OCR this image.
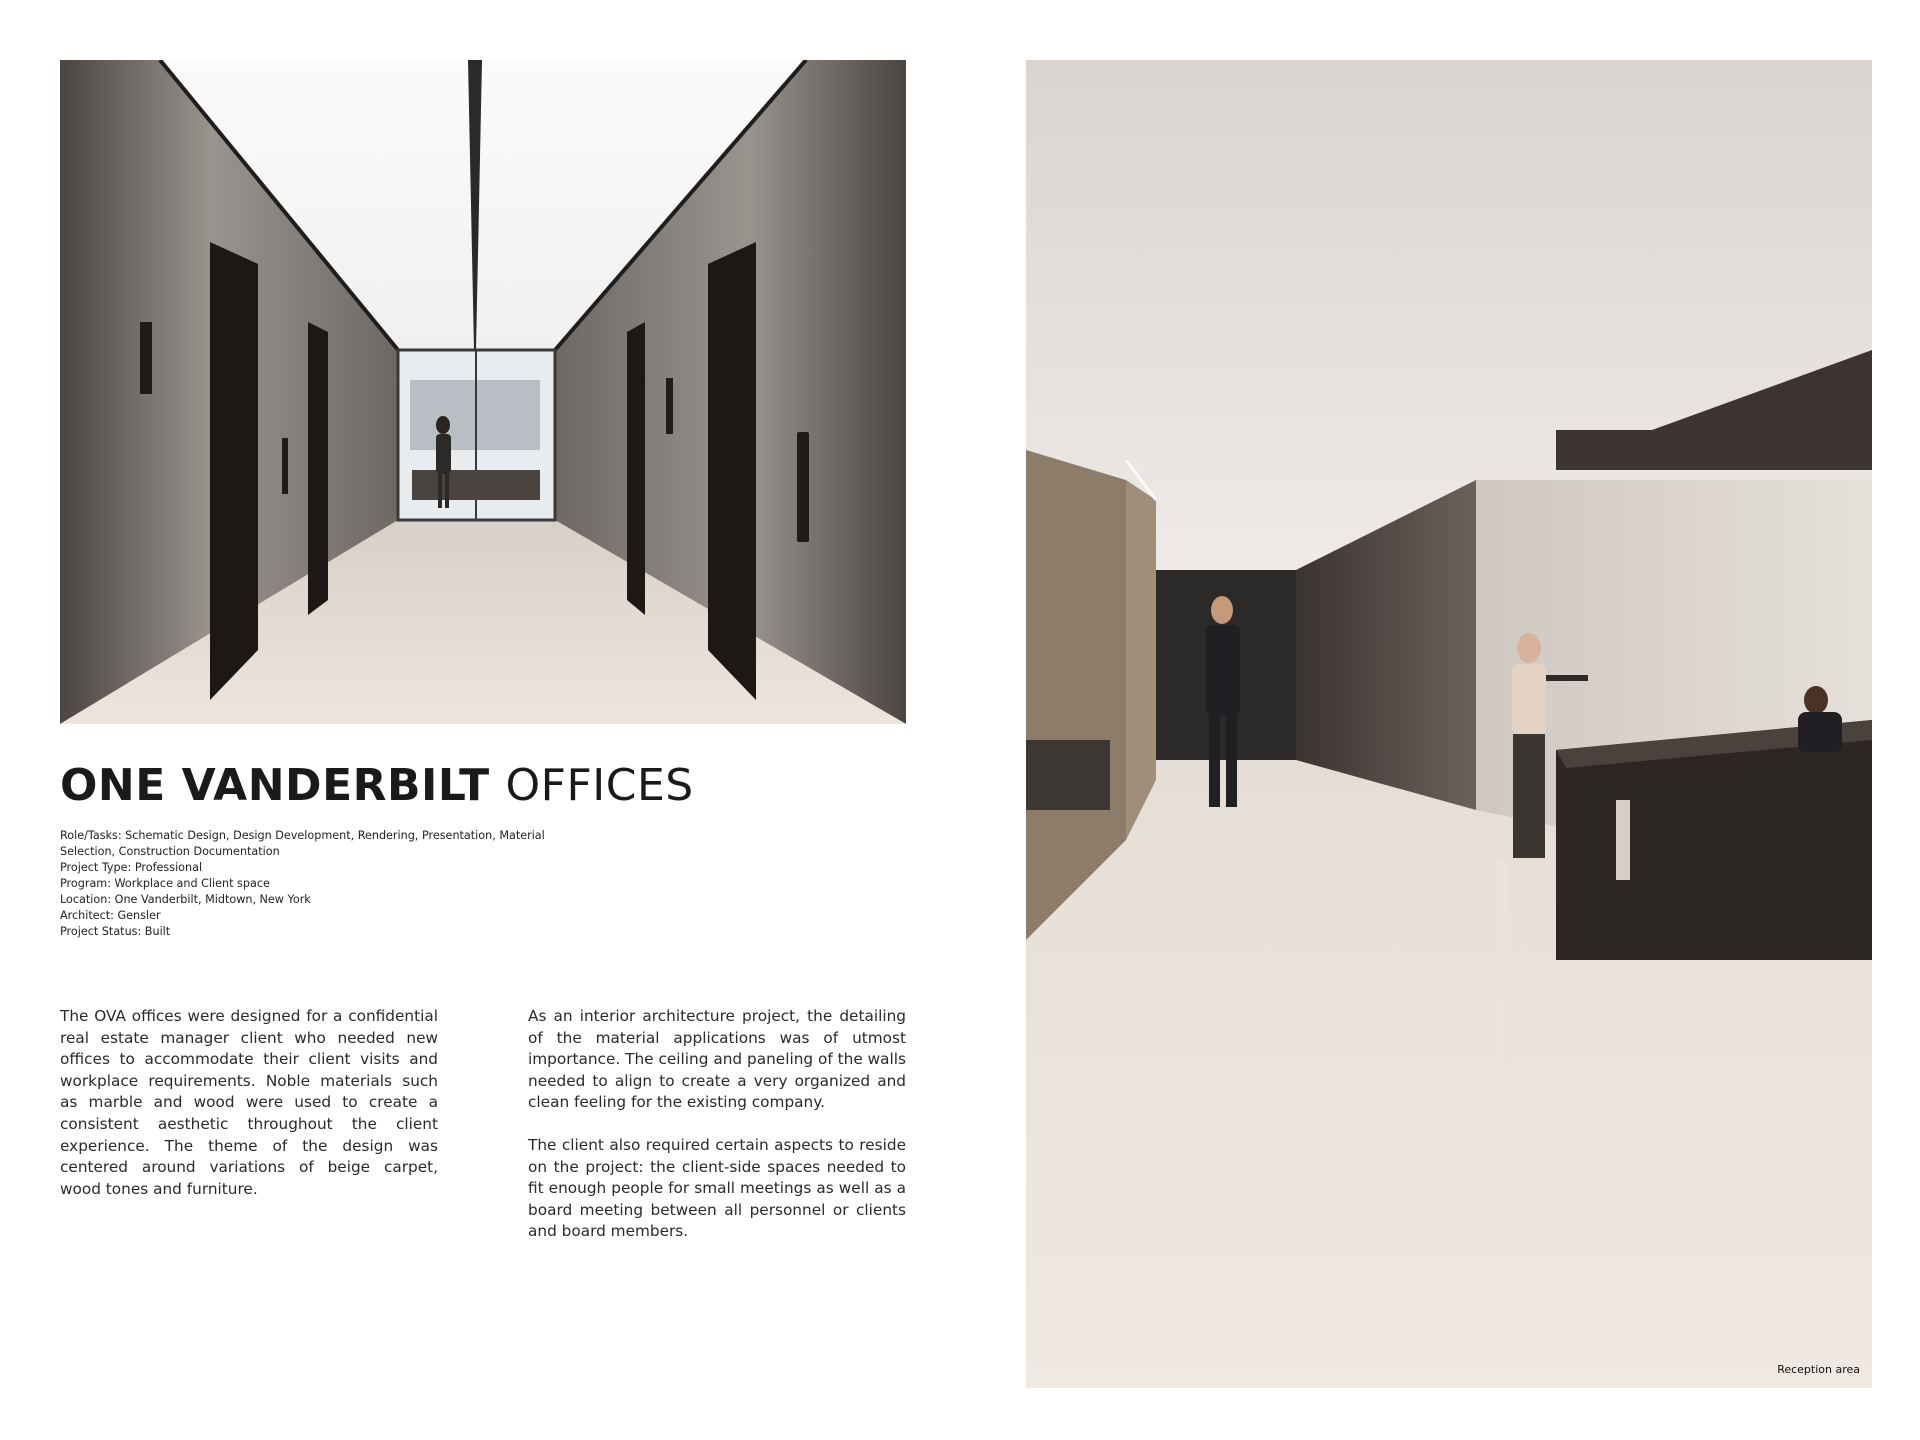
ONE VANDERBILT OFFICES
Role/Tasks: Schematic Design, Design Development, Rendering, Presentation, Material Selection, Construction Documentation
Project Type: Professional
Program: Workplace and Client space
Location: One Vanderbilt, Midtown, New York
Architect: Gensler
Project Status: Built

The OVA offices were designed for a confidential real estate manager client who needed new offices to accommodate their client visits and workplace requirements. Noble materials such as marble and wood were used to create a consistent aesthetic throughout the client experience. The theme of the design was centered around variations of beige carpet, wood tones and furniture.

As an interior architecture project, the detailing of the material applications was of utmost importance. The ceiling and paneling of the walls needed to align to create a very organized and clean feeling for the existing company.

The client also required certain aspects to reside on the project: the client-side spaces needed to fit enough people for small meetings as well as a board meeting between all personnel or clients and board members.

Reception area
